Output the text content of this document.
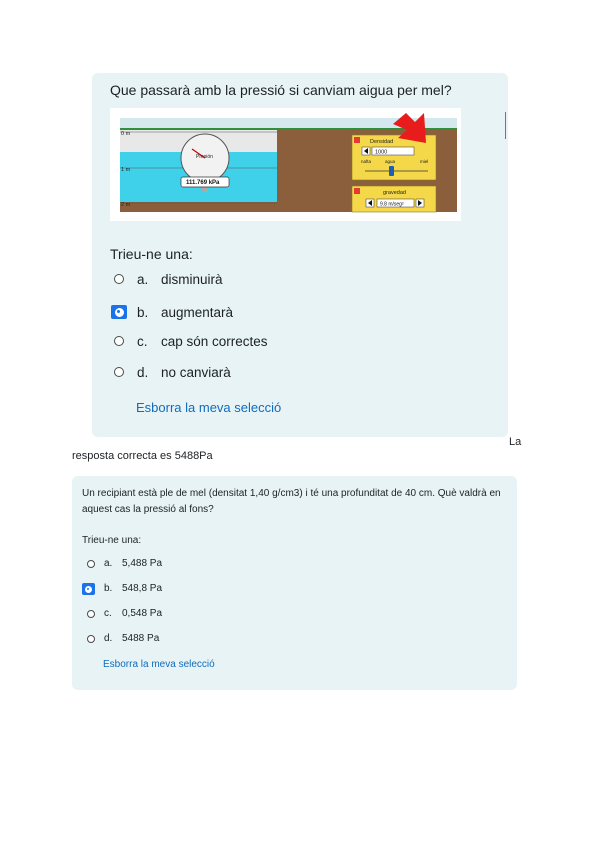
Que passarà amb la pressió si canviam aigua per mel?
0 m
1 m
2 m
Presión
111.769 kPa
Densidad
1000
nafta	agua	miel
gravedad
9.8 m/seg²
Trieu-ne una:
a. disminuirà
b. augmentarà
c. cap són correctes
d. no canviarà
Esborra la meva selecció
La
resposta correcta es 5488Pa
Un recipiant està ple de mel (densitat 1,40 g/cm3) i té una profunditat de 40 cm. Què valdrà en aquest cas la pressió al fons?
Trieu-ne una:
a. 5,488 Pa
b. 548,8 Pa
c.	0,548 Pa
d. 5488 Pa
Esborra la meva selecció
